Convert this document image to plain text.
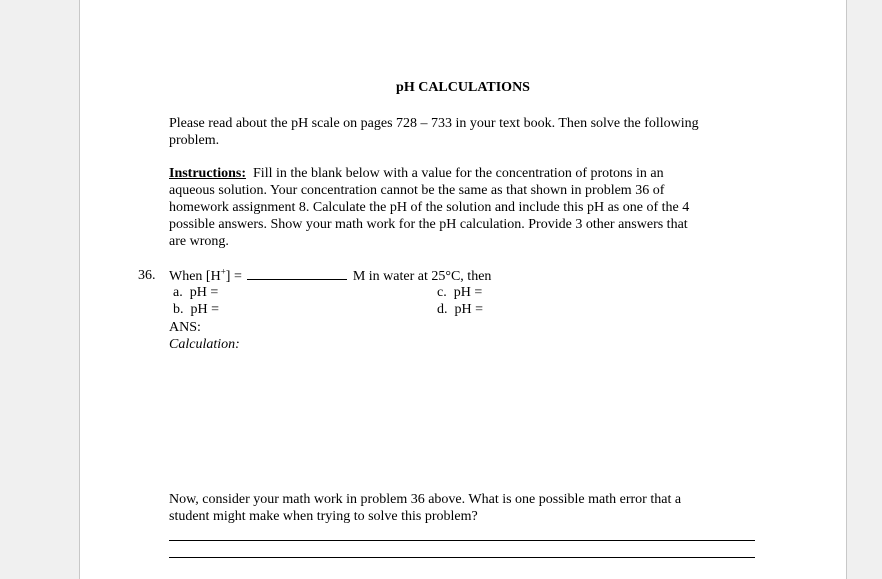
pH CALCULATIONS
Please read about the pH scale on pages 728 – 733 in your text book. Then solve the following
problem.
Instructions:  Fill in the blank below with a value for the concentration of protons in an
aqueous solution. Your concentration cannot be the same as that shown in problem 36 of
homework assignment 8. Calculate the pH of the solution and include this pH as one of the 4
possible answers. Show your math work for the pH calculation. Provide 3 other answers that
are wrong.
36. When [H+] =	M in water at 25°C, then
a. pH =
b. pH =
c. pH =
d. pH =
ANS:
Calculation:
Now, consider your math work in problem 36 above. What is one possible math error that a
student might make when trying to solve this problem?
